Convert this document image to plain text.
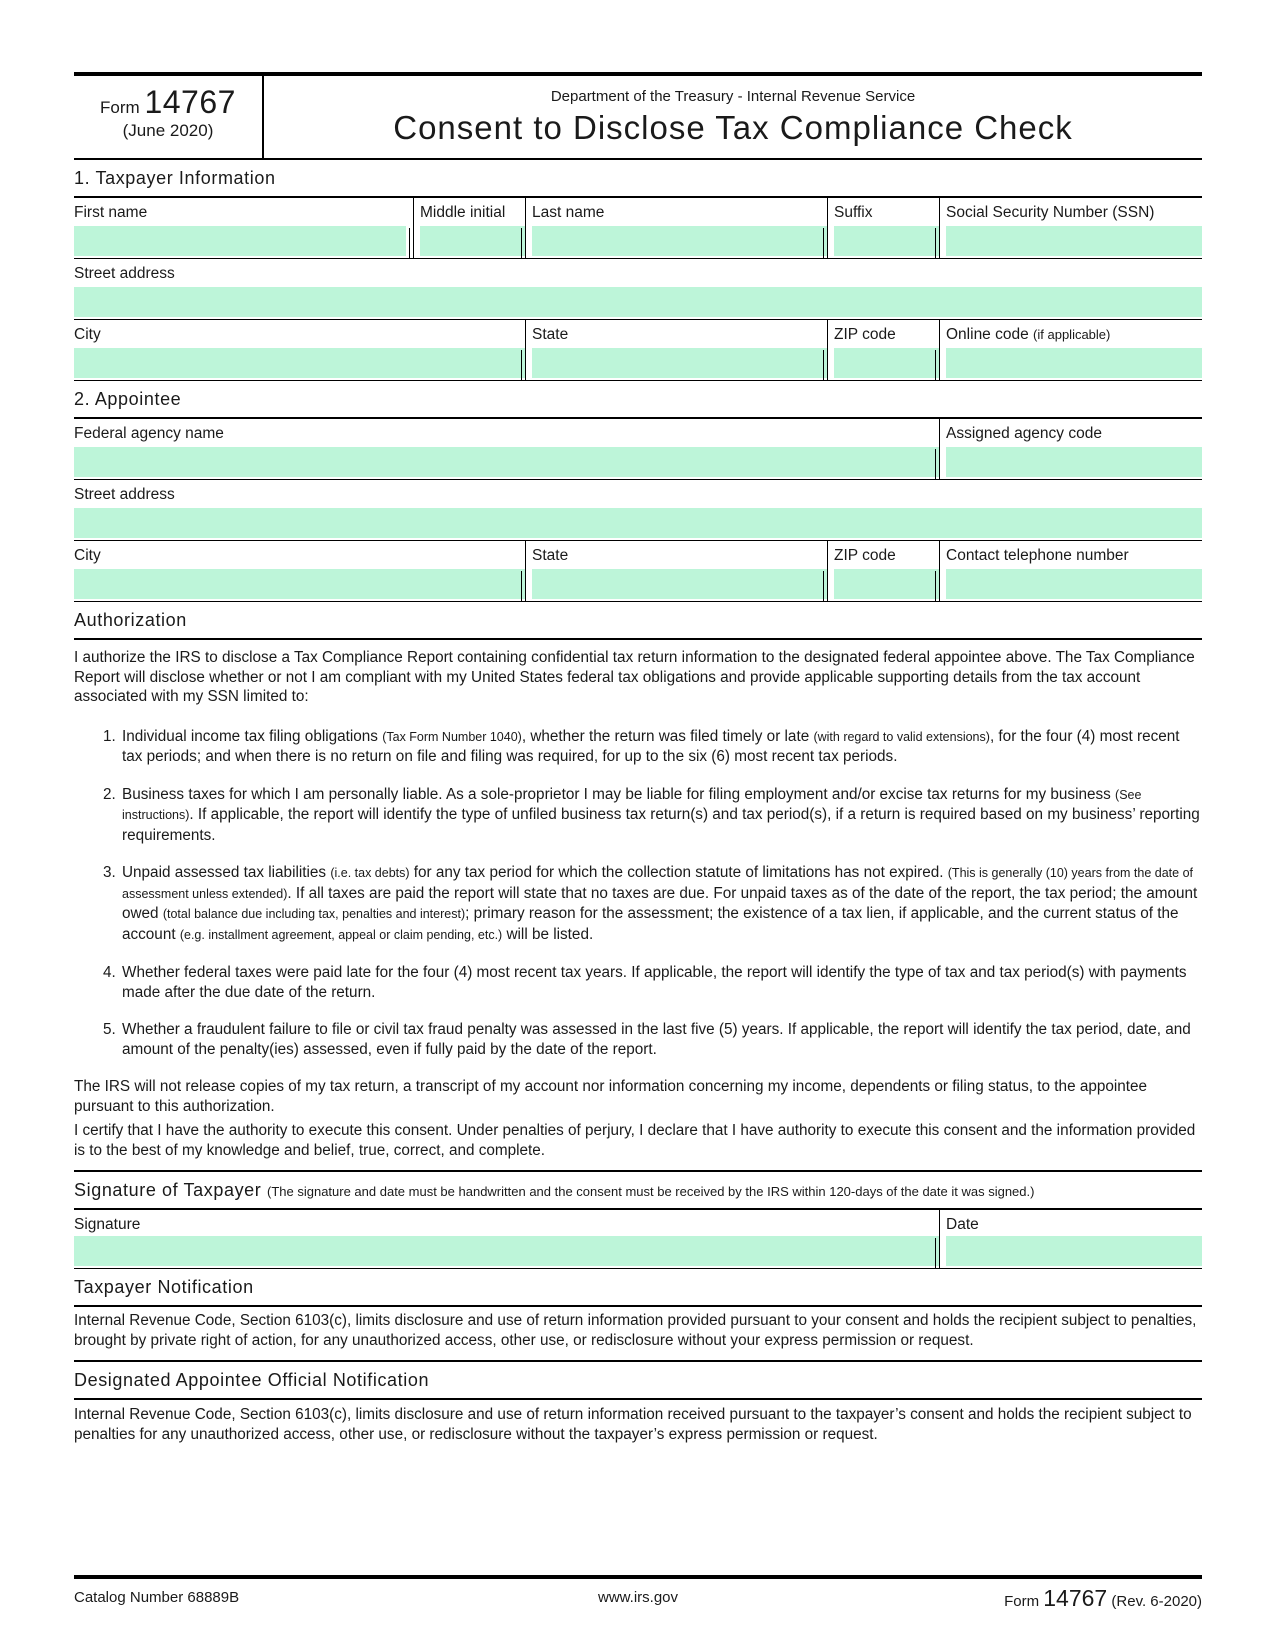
Form 14767
(June 2020)
Department of the Treasury - Internal Revenue Service
Consent to Disclose Tax Compliance Check
1. Taxpayer Information
First name	Middle initial	Last name	Suffix	Social Security Number (SSN)
Street address
City	State	ZIP code	Online code (if applicable)
2. Appointee
Federal agency name	Assigned agency code
Street address
City	State	ZIP code	Contact telephone number
Authorization
I authorize the IRS to disclose a Tax Compliance Report containing confidential tax return information to the designated federal appointee above. The Tax Compliance Report will disclose whether or not I am compliant with my United States federal tax obligations and provide applicable supporting details from the tax account associated with my SSN limited to:
1. Individual income tax filing obligations (Tax Form Number 1040), whether the return was filed timely or late (with regard to valid extensions), for the four (4) most recent tax periods; and when there is no return on file and filing was required, for up to the six (6) most recent tax periods.
2. Business taxes for which I am personally liable. As a sole-proprietor I may be liable for filing employment and/or excise tax returns for my business (See instructions). If applicable, the report will identify the type of unfiled business tax return(s) and tax period(s), if a return is required based on my business’ reporting requirements.
3. Unpaid assessed tax liabilities (i.e. tax debts) for any tax period for which the collection statute of limitations has not expired. (This is generally (10) years from the date of assessment unless extended). If all taxes are paid the report will state that no taxes are due. For unpaid taxes as of the date of the report, the tax period; the amount owed (total balance due including tax, penalties and interest); primary reason for the assessment; the existence of a tax lien, if applicable, and the current status of the account (e.g. installment agreement, appeal or claim pending, etc.) will be listed.
4. Whether federal taxes were paid late for the four (4) most recent tax years. If applicable, the report will identify the type of tax and tax period(s) with payments made after the due date of the return.
5. Whether a fraudulent failure to file or civil tax fraud penalty was assessed in the last five (5) years. If applicable, the report will identify the tax period, date, and amount of the penalty(ies) assessed, even if fully paid by the date of the report.
The IRS will not release copies of my tax return, a transcript of my account nor information concerning my income, dependents or filing status, to the appointee pursuant to this authorization.
I certify that I have the authority to execute this consent. Under penalties of perjury, I declare that I have authority to execute this consent and the information provided is to the best of my knowledge and belief, true, correct, and complete.
Signature of Taxpayer (The signature and date must be handwritten and the consent must be received by the IRS within 120-days of the date it was signed.)
Signature	Date
Taxpayer Notification
Internal Revenue Code, Section 6103(c), limits disclosure and use of return information provided pursuant to your consent and holds the recipient subject to penalties, brought by private right of action, for any unauthorized access, other use, or redisclosure without your express permission or request.
Designated Appointee Official Notification
Internal Revenue Code, Section 6103(c), limits disclosure and use of return information received pursuant to the taxpayer’s consent and holds the recipient subject to penalties for any unauthorized access, other use, or redisclosure without the taxpayer’s express permission or request.
Catalog Number 68889B	www.irs.gov	Form 14767 (Rev. 6-2020)
